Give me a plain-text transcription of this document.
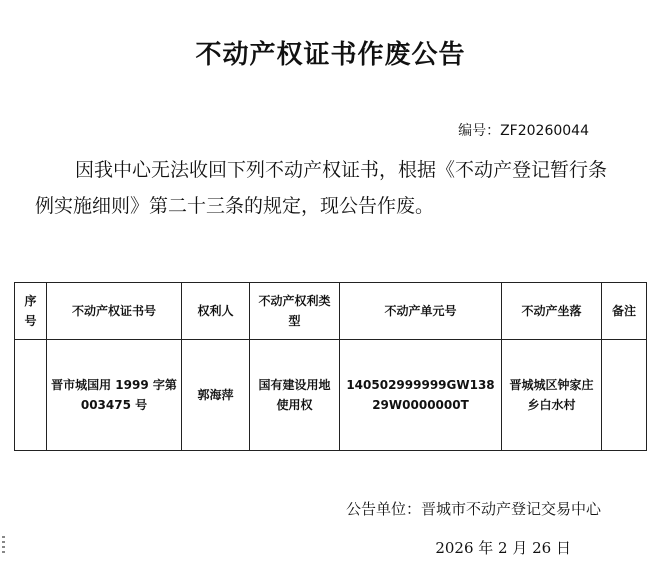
不动产权证书作废公告
编号：ZF20260044
因我中心无法收回下列不动产权证书，根据《不动产登记暂行条例实施细则》第二十三条的规定，现公告作废。
序号	不动产权证书号	权利人	不动产权利类型	不动产单元号	不动产坐落	备注
	晋市城国用 1999 字第 003475 号	郭海萍	国有建设用地使用权	140502999999GW13829W0000000T	晋城城区钟家庄乡白水村	
公告单位：晋城市不动产登记交易中心
2026 年 2 月 26 日
